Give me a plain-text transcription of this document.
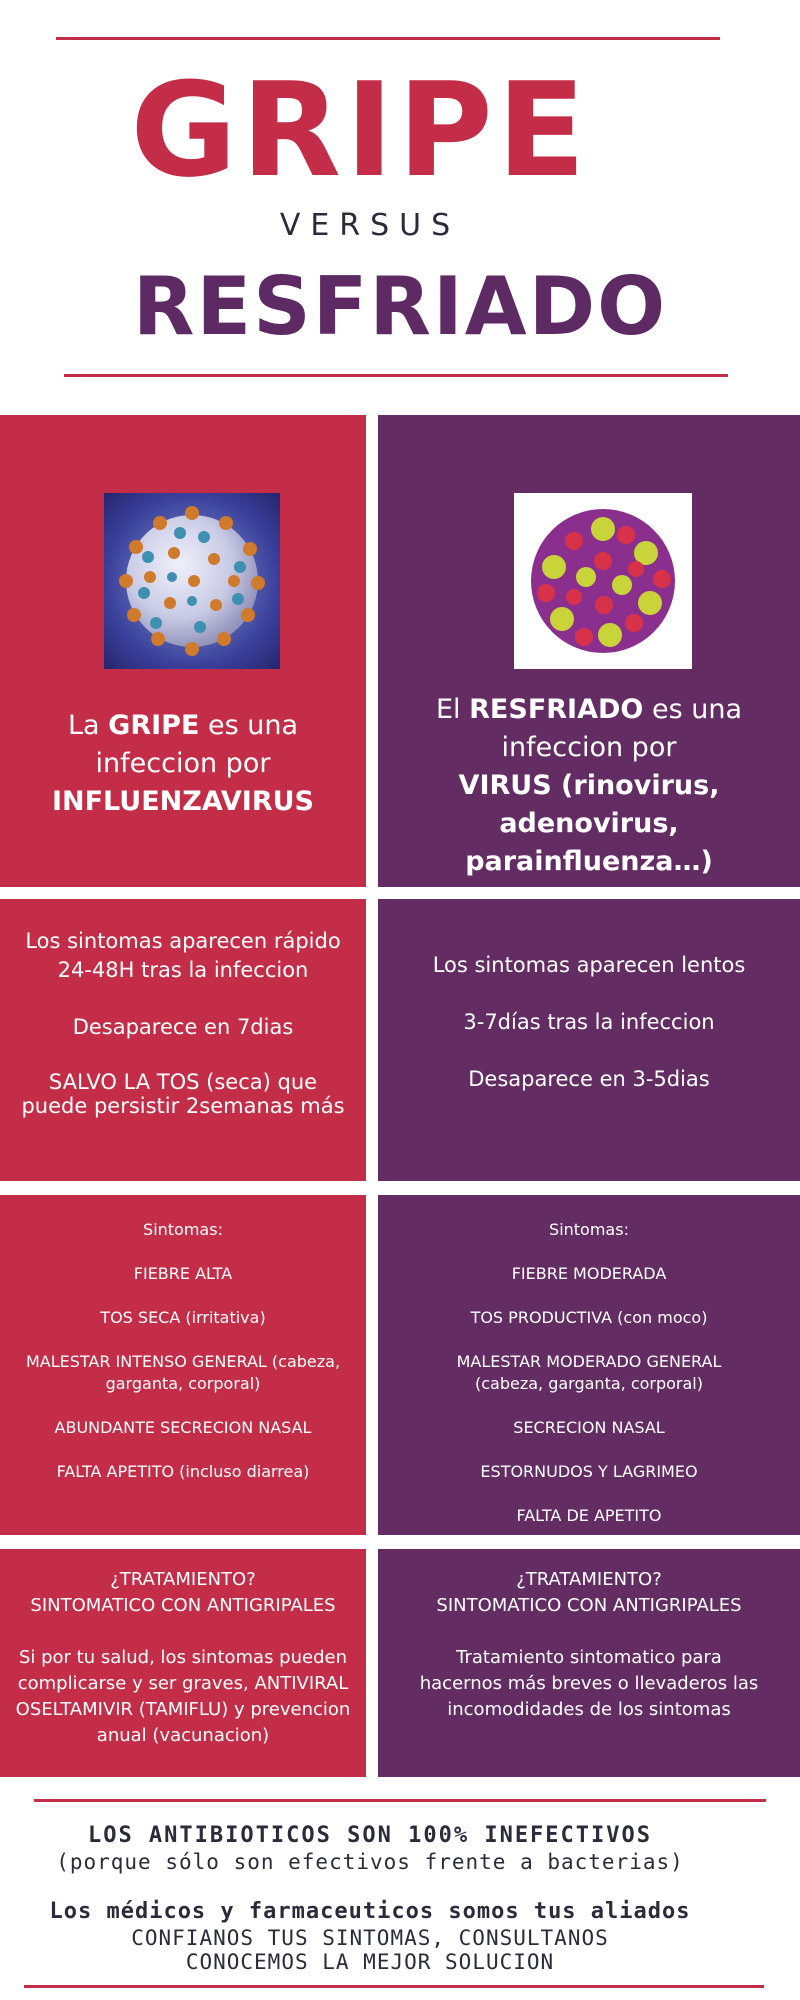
GRIPE
VERSUS
RESFRIADO
La GRIPE es una infeccion por
INFLUENZAVIRUS
El RESFRIADO es una infeccion por
VIRUS (rinovirus, adenovirus, parainfluenza…)

Los sintomas aparecen rápido 24-48H tras la infeccion

Desaparece en 7dias

SALVO LA TOS (seca) que puede persistir 2semanas más

Los sintomas aparecen lentos

3-7días tras la infeccion

Desaparece en 3-5dias

Sintomas:

FIEBRE ALTA

TOS SECA (irritativa)

MALESTAR INTENSO GENERAL (cabeza, garganta, corporal)

ABUNDANTE SECRECION NASAL

FALTA APETITO (incluso diarrea)

Sintomas:

FIEBRE MODERADA

TOS PRODUCTIVA (con moco)

MALESTAR MODERADO GENERAL (cabeza, garganta, corporal)

SECRECION NASAL

ESTORNUDOS Y LAGRIMEO

FALTA DE APETITO

¿TRATAMIENTO?

SINTOMATICO CON ANTIGRIPALES

Si por tu salud, los sintomas pueden complicarse y ser graves, ANTIVIRAL OSELTAMIVIR (TAMIFLU) y prevencion anual (vacunacion)

¿TRATAMIENTO?

SINTOMATICO CON ANTIGRIPALES

Tratamiento sintomatico para hacernos más breves o llevaderos las incomodidades de los sintomas

LOS ANTIBIOTICOS SON 100% INEFECTIVOS
(porque sólo son efectivos frente a bacterias)
Los médicos y farmaceuticos somos tus aliados
CONFIANOS TUS SINTOMAS, CONSULTANOS
CONOCEMOS LA MEJOR SOLUCION
